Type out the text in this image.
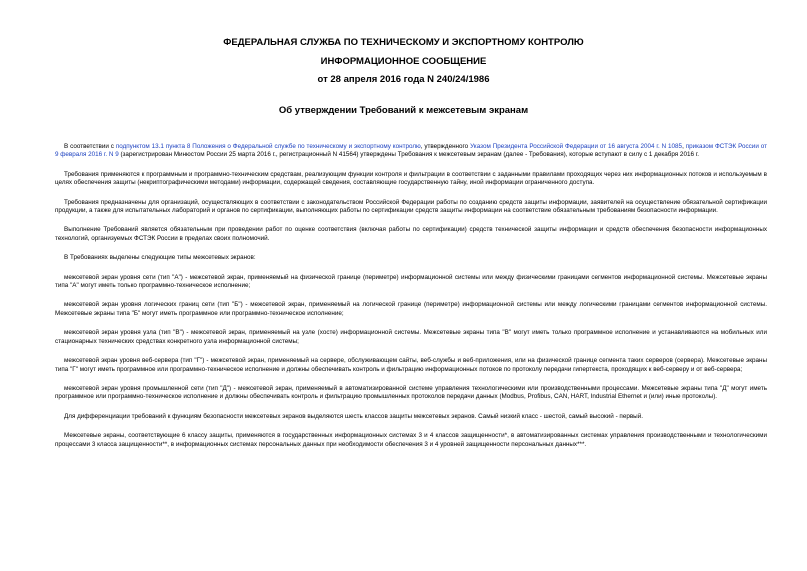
ФЕДЕРАЛЬНАЯ СЛУЖБА ПО ТЕХНИЧЕСКОМУ И ЭКСПОРТНОМУ КОНТРОЛЮ
ИНФОРМАЦИОННОЕ СООБЩЕНИЕ
от 28 апреля 2016 года N 240/24/1986
Об утверждении Требований к межсетевым экранам

В соответствии с подпунктом 13.1 пункта 8 Положения о Федеральной службе по техническому и экспортному контролю, утвержденного Указом Президента Российской Федерации от 16 августа 2004 г. N 1085, приказом ФСТЭК России от 9 февраля 2016 г. N 9 (зарегистрирован Минюстом России 25 марта 2016 г., регистрационный N 41564) утверждены Требования к межсетевым экранам (далее - Требования), которые вступают в силу с 1 декабря 2016 г.

Требования применяются к программным и программно-техническим средствам, реализующим функции контроля и фильтрации в соответствии с заданными правилами проходящих через них информационных потоков и используемым в целях обеспечения защиты (некриптографическими методами) информации, содержащей сведения, составляющие государственную тайну, иной информации ограниченного доступа.

Требования предназначены для организаций, осуществляющих в соответствии с законодательством Российской Федерации работы по созданию средств защиты информации, заявителей на осуществление обязательной сертификации продукции, а также для испытательных лабораторий и органов по сертификации, выполняющих работы по сертификации средств защиты информации на соответствие обязательным требованиям безопасности информации.

Выполнение Требований является обязательным при проведении работ по оценке соответствия (включая работы по сертификации) средств технической защиты информации и средств обеспечения безопасности информационных технологий, организуемых ФСТЭК России в пределах своих полномочий.

В Требованиях выделены следующие типы межсетевых экранов:

межсетевой экран уровня сети (тип "А") - межсетевой экран, применяемый на физической границе (периметре) информационной системы или между физическими границами сегментов информационной системы. Межсетевые экраны типа "А" могут иметь только программно-техническое исполнение;

межсетевой экран уровня логических границ сети (тип "Б") - межсетевой экран, применяемый на логической границе (периметре) информационной системы или между логическими границами сегментов информационной системы. Межсетевые экраны типа "Б" могут иметь программное или программно-техническое исполнение;

межсетевой экран уровня узла (тип "В") - межсетевой экран, применяемый на узле (хосте) информационной системы. Межсетевые экраны типа "В" могут иметь только программное исполнение и устанавливаются на мобильных или стационарных технических средствах конкретного узла информационной системы;

межсетевой экран уровня веб-сервера (тип "Г") - межсетевой экран, применяемый на сервере, обслуживающем сайты, веб-службы и веб-приложения, или на физической границе сегмента таких серверов (сервера). Межсетевые экраны типа "Г" могут иметь программное или программно-техническое исполнение и должны обеспечивать контроль и фильтрацию информационных потоков по протоколу передачи гипертекста, проходящих к веб-серверу и от веб-сервера;

межсетевой экран уровня промышленной сети (тип "Д") - межсетевой экран, применяемый в автоматизированной системе управления технологическими или производственными процессами. Межсетевые экраны типа "Д" могут иметь программное или программно-техническое исполнение и должны обеспечивать контроль и фильтрацию промышленных протоколов передачи данных (Modbus, Profibus, CAN, HART, Industrial Ethernet и (или) иные протоколы).

Для дифференциации требований к функциям безопасности межсетевых экранов выделяются шесть классов защиты межсетевых экранов. Самый низкий класс - шестой, самый высокий - первый.

Межсетевые экраны, соответствующие 6 классу защиты, применяются в государственных информационных системах 3 и 4 классов защищенности*, в автоматизированных системах управления производственными и технологическими процессами 3 класса защищенности**, в информационных системах персональных данных при необходимости обеспечения 3 и 4 уровней защищенности персональных данных***.
